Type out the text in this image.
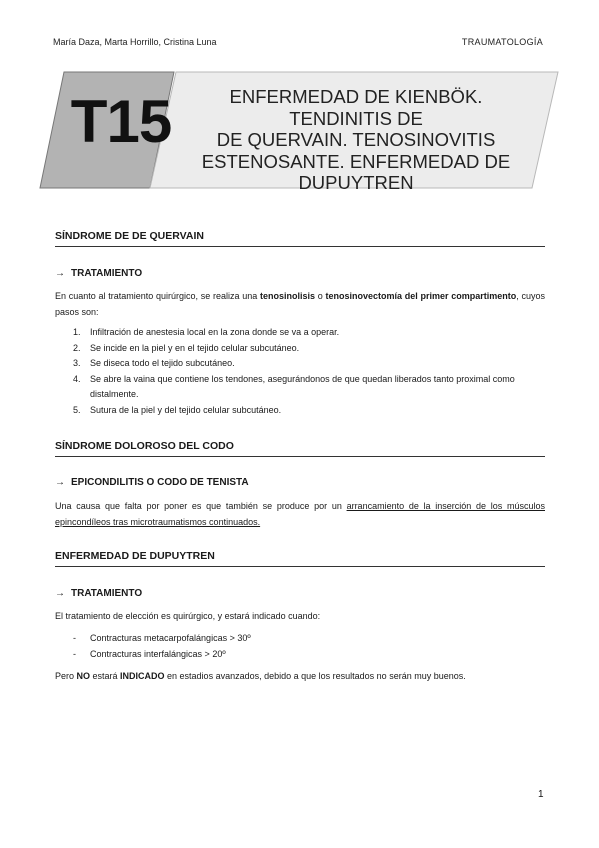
María Daza, Marta Horrillo, Cristina Luna	TRAUMATOLOGÍA
T15	ENFERMEDAD DE KIENBÖK. TENDINITIS DE
DE QUERVAIN. TENOSINOVITIS
ESTENOSANTE. ENFERMEDAD DE
DUPUYTREN
SÍNDROME DE DE QUERVAIN
→ TRATAMIENTO
En cuanto al tratamiento quirúrgico, se realiza una tenosinolisis o tenosinovectomía del primer compartimento, cuyos pasos son:
1. Infiltración de anestesia local en la zona donde se va a operar.
2. Se incide en la piel y en el tejido celular subcutáneo.
3. Se diseca todo el tejido subcutáneo.
4. Se abre la vaina que contiene los tendones, asegurándonos de que quedan liberados tanto proximal como distalmente.
5. Sutura de la piel y del tejido celular subcutáneo.
SÍNDROME DOLOROSO DEL CODO
→ EPICONDILITIS O CODO DE TENISTA
Una causa que falta por poner es que también se produce por un arrancamiento de la inserción de los músculos epincondíleos tras microtraumatismos continuados.
ENFERMEDAD DE DUPUYTREN
→ TRATAMIENTO
El tratamiento de elección es quirúrgico, y estará indicado cuando:
- Contracturas metacarpofalángicas > 30º
- Contracturas interfalángicas > 20º
Pero NO estará INDICADO en estadios avanzados, debido a que los resultados no serán muy buenos.
1
